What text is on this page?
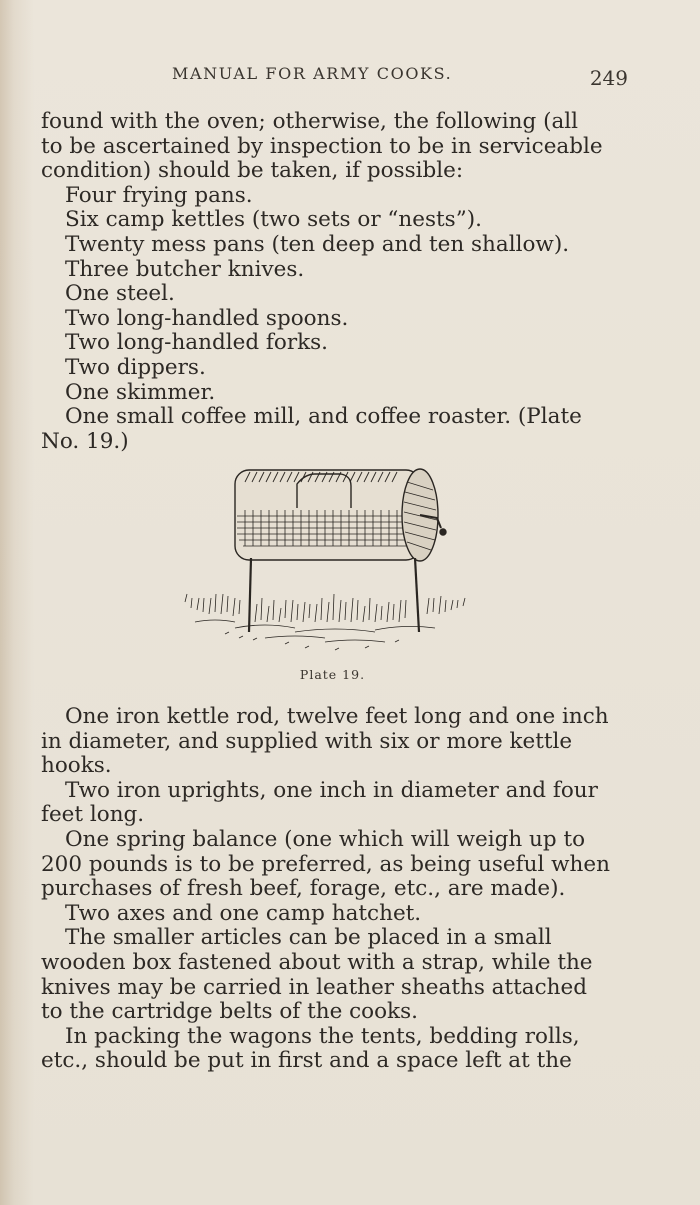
MANUAL FOR ARMY COOKS.	249

found with the oven; otherwise, the following (all
to be ascertained by inspection to be in serviceable
condition) should be taken, if possible:

Four frying pans.
Six camp kettles (two sets or “nests”).
Twenty mess pans (ten deep and ten shallow).
Three butcher knives.
One steel.
Two long-handled spoons.
Two long-handled forks.
Two dippers.
One skimmer.
One small coffee mill, and coffee roaster. (Plate
No. 19.)
Plate 19.

One iron kettle rod, twelve feet long and one inch
in diameter, and supplied with six or more kettle
hooks.

Two iron uprights, one inch in diameter and four
feet long.

One spring balance (one which will weigh up to
200 pounds is to be preferred, as being useful when
purchases of fresh beef, forage, etc., are made).

Two axes and one camp hatchet.

The smaller articles can be placed in a small
wooden box fastened about with a strap, while the
knives may be carried in leather sheaths attached
to the cartridge belts of the cooks.

In packing the wagons the tents, bedding rolls,
etc., should be put in first and a space left at the
